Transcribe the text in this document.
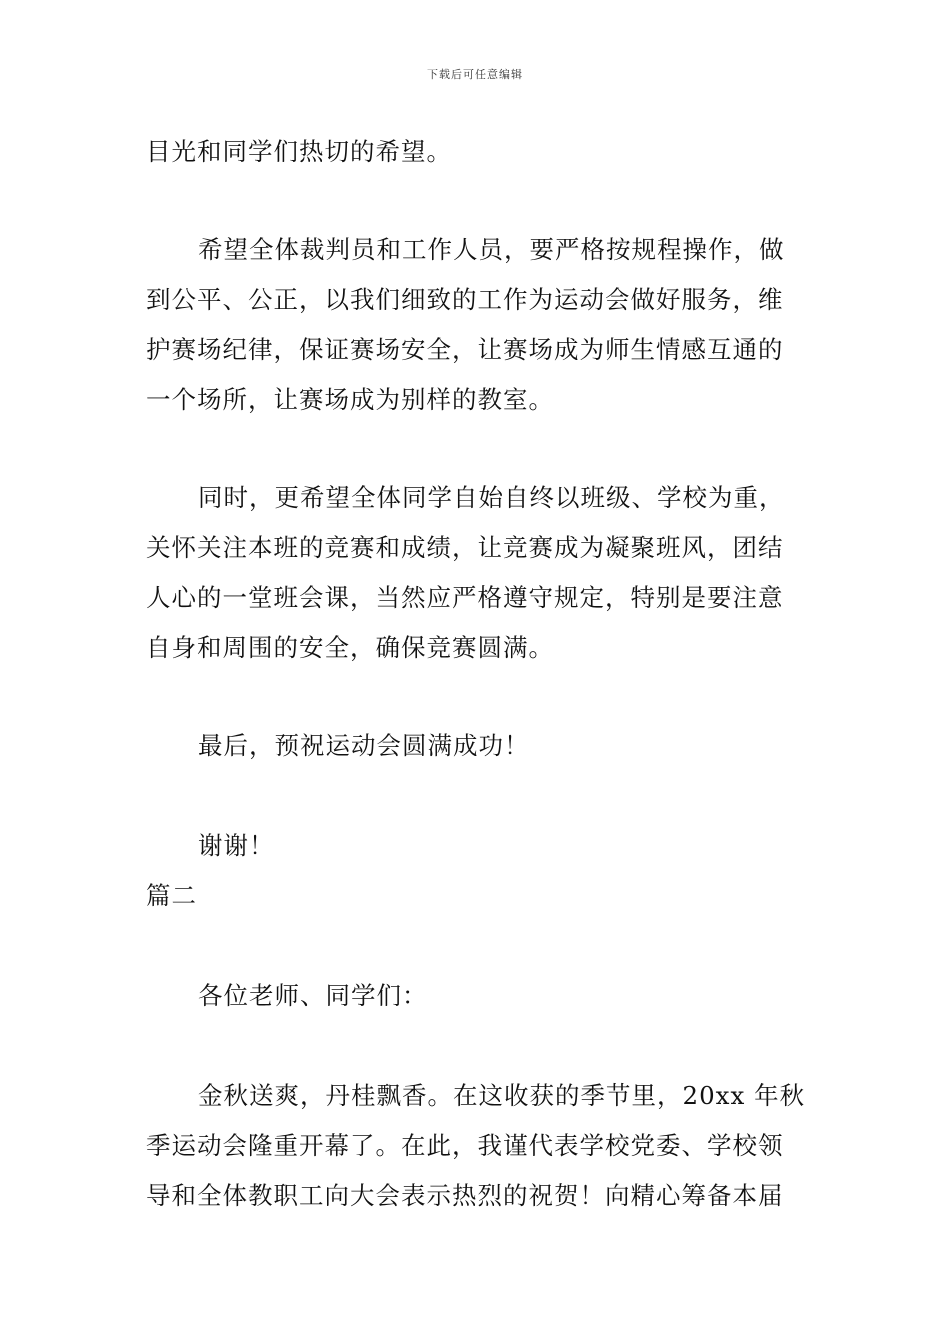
下载后可任意编辑
目光和同学们热切的希望。
希望全体裁判员和工作人员，要严格按规程操作，做
到公平、公正，以我们细致的工作为运动会做好服务，维
护赛场纪律，保证赛场安全，让赛场成为师生情感互通的
一个场所，让赛场成为别样的教室。
同时，更希望全体同学自始自终以班级、学校为重，
关怀关注本班的竞赛和成绩，让竞赛成为凝聚班风，团结
人心的一堂班会课，当然应严格遵守规定，特别是要注意
自身和周围的安全，确保竞赛圆满。
最后，预祝运动会圆满成功！
谢谢！
篇二
各位老师、同学们：
金秋送爽，丹桂飘香。在这收获的季节里，20xx 年秋
季运动会隆重开幕了。在此，我谨代表学校党委、学校领
导和全体教职工向大会表示热烈的祝贺！向精心筹备本届
